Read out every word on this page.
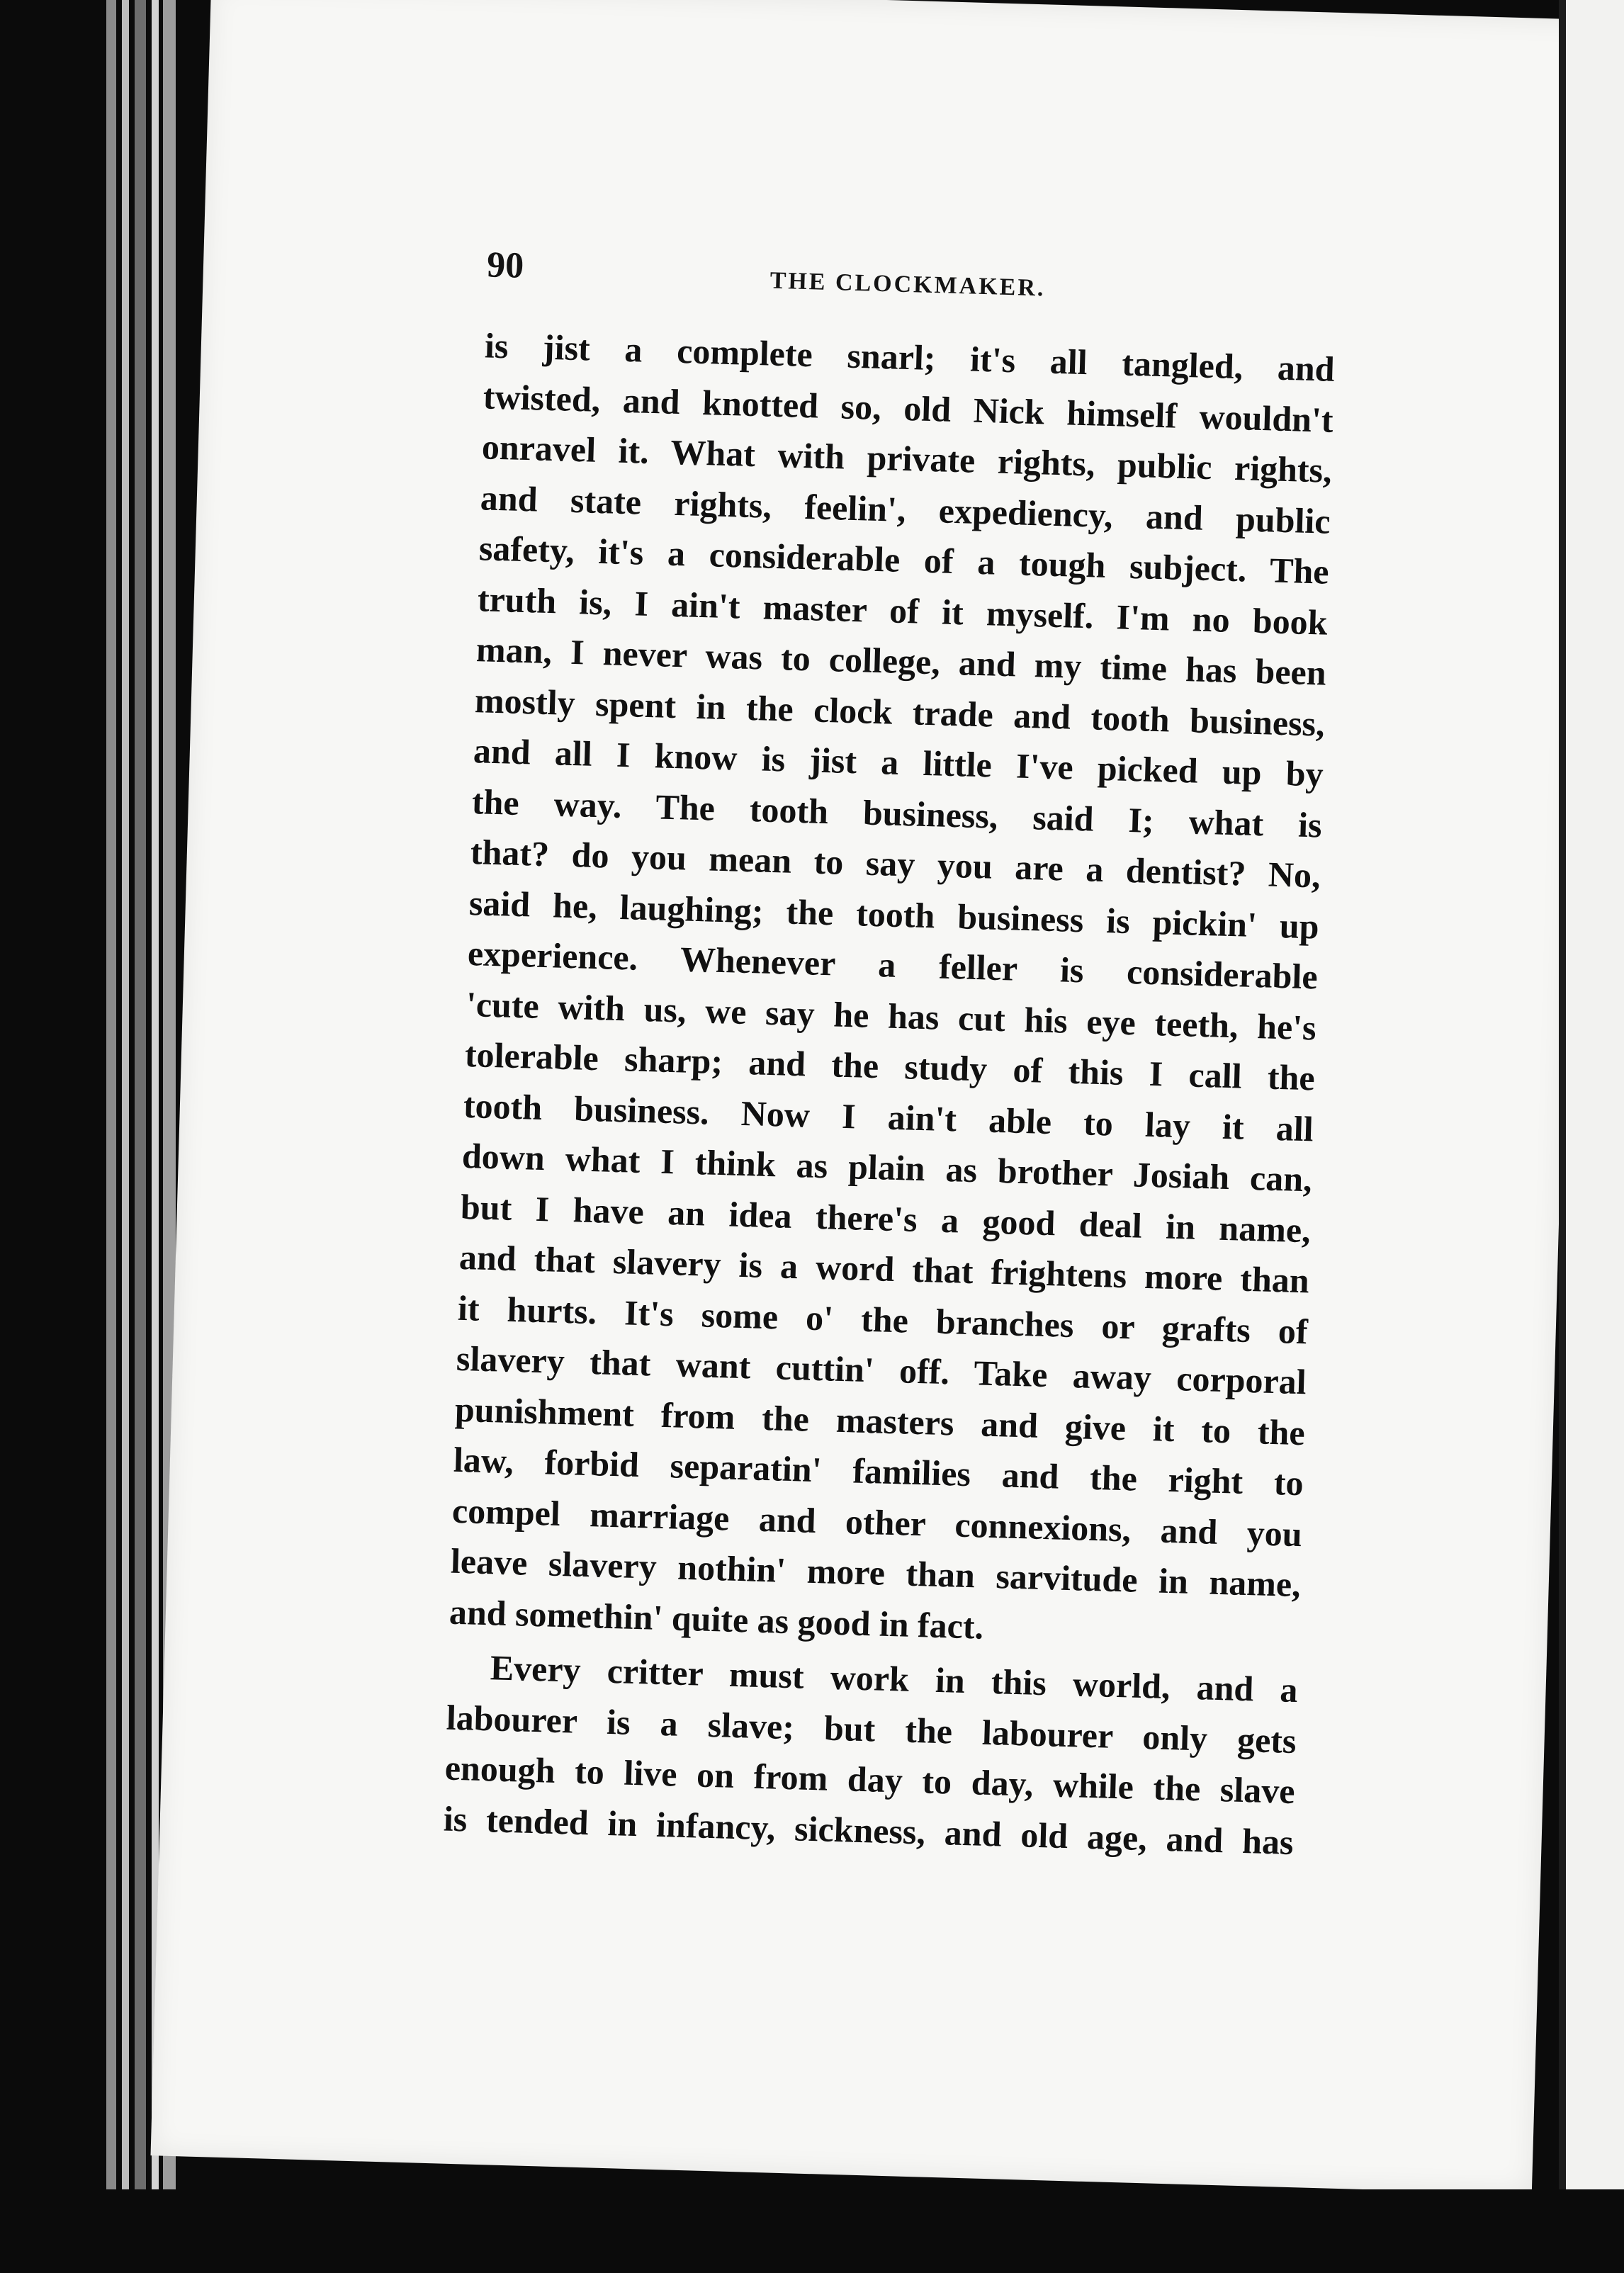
90	THE CLOCKMAKER.
is jist a complete snarl; it's all tangled, and
twisted, and knotted so, old Nick himself wouldn't
onravel it. What with private rights, public rights,
and state rights, feelin', expediency, and public
safety, it's a considerable of a tough subject. The
truth is, I ain't master of it myself. I'm no book
man, I never was to college, and my time has been
mostly spent in the clock trade and tooth business,
and all I know is jist a little I've picked up by
the way. The tooth business, said I; what is
that? do you mean to say you are a dentist? No,
said he, laughing; the tooth business is pickin' up
experience. Whenever a feller is considerable
'cute with us, we say he has cut his eye teeth, he's
tolerable sharp; and the study of this I call the
tooth business. Now I ain't able to lay it all
down what I think as plain as brother Josiah can,
but I have an idea there's a good deal in name,
and that slavery is a word that frightens more than
it hurts. It's some o' the branches or grafts of
slavery that want cuttin' off. Take away corporal
punishment from the masters and give it to the
law, forbid separatin' families and the right to
compel marriage and other connexions, and you
leave slavery nothin' more than sarvitude in name,
and somethin' quite as good in fact.
Every critter must work in this world, and a
labourer is a slave; but the labourer only gets
enough to live on from day to day, while the slave
is tended in infancy, sickness, and old age, and has
